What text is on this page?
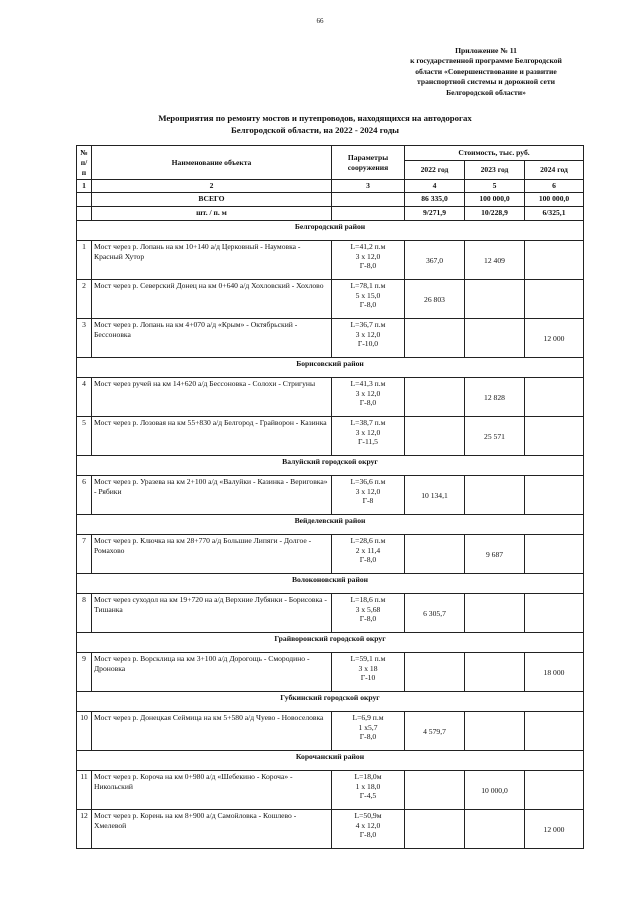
66
Приложение № 11
к государственной программе Белгородской
области «Совершенствование и развитие
транспортной системы и дорожной сети
Белгородской области»
Мероприятия по ремонту мостов и путепроводов, находящихся на автодорогах
Белгородской области, на 2022 - 2024 годы
№ п/п	Наименование объекта	Параметры сооружения	Стоимость, тыс. руб.		
			2022 год	2023 год	2024 год
1	2	3	4	5	6
	ВСЕГО		86 335,0	100 000,0	100 000,0
	шт. / п. м		9/271,9	10/228,9	6/325,1
Белгородский район					
1	Мост через р. Лопань на км 10+140 а/д Церковный - Наумовка - Красный Хутор	L=41,2 п.м
3 х 12,0
Г-8,0	367,0	12 409	
2	Мост через р. Северский Донец на км 0+640 а/д Хохловский - Хохлово	L=78,1 п.м
5 х 15,0
Г-8,0	26 803		
3	Мост через р. Лопань на км 4+070 а/д «Крым» - Октябрьский - Бессоновка	L=36,7 п.м
3 х 12,0
Г-10,0			12 000
Борисовский район					
4	Мост через ручей на км 14+620 а/д Бессоновка - Солохи - Стригуны	L=41,3 п.м
3 х 12,0
Г-8,0		12 828	
5	Мост через р. Лозовая на км 55+830 а/д Белгород - Грайворон - Казинка	L=38,7 п.м
3 х 12,0
Г-11,5		25 571	
Валуйский городской округ					
6	Мост через р. Уразева на км 2+100 а/д «Валуйки - Казинка - Вериговка» - Рябики	L=36,6 п.м
3 х 12,0
Г-8	10 134,1		
Вейделевский район					
7	Мост через р. Ключка на км 28+770 а/д Большие Липяги - Долгое - Ромахово	L=28,6 п.м
2 х 11,4
Г-8,0		9 687	
Волоконовский район					
8	Мост через суходол на км 19+720 на а/д Верхние Лубянки - Борисовка - Тишанка	L=18,6 п.м
3 х 5,68
Г-8,0	6 305,7		
Грайворонский городской округ					
9	Мост через р. Ворсклица на км 3+100 а/д Дорогощь - Смородино - Дроновка	L=59,1 п.м
3 х 18
Г-10			18 000
Губкинский городской округ					
10	Мост через р. Донецкая Сеймица на км 5+580 а/д Чуево - Новоселовка	L=6,9 п.м
1 х5,7
Г-8,0	4 579,7		
Корочанский район					
11	Мост через р. Короча на км 0+980 а/д «Шебекино - Короча» - Никольский	L=18,0м
1 х 18,0
Г-4,5		10 000,0	
12	Мост через р. Корень на км 8+900 а/д Самойловка - Кошлево - Хмелевой	L=50,9м
4 х 12,0
Г-8,0			12 000
